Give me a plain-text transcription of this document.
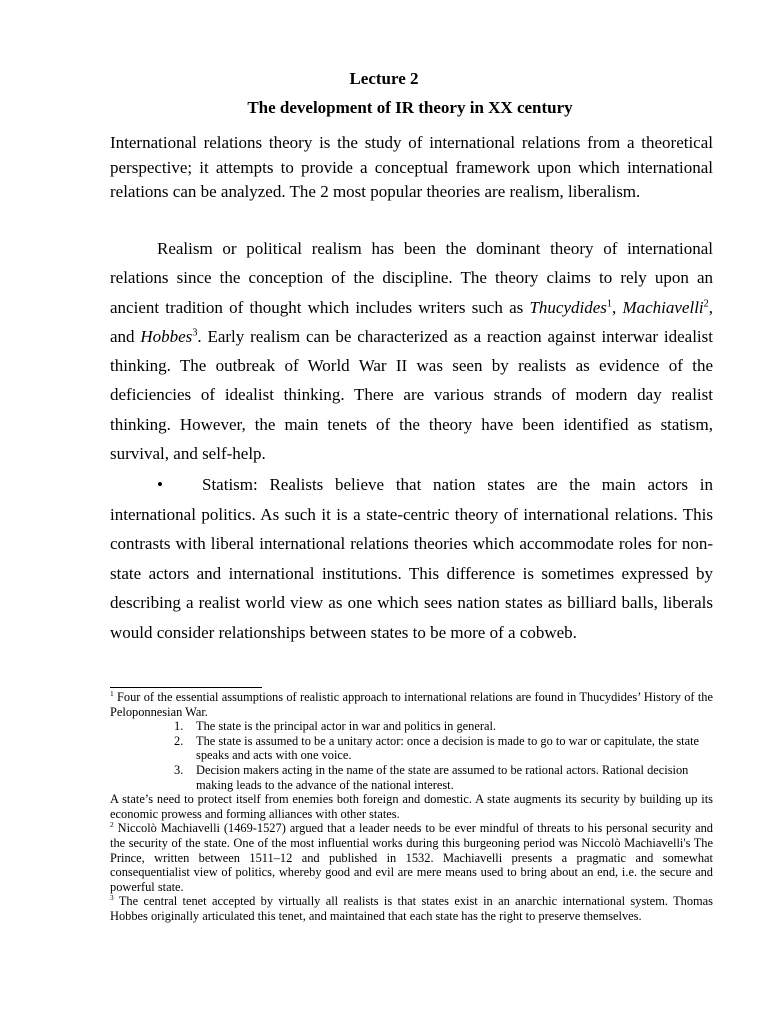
Lecture 2
The development of IR theory in XX century

International relations theory is the study of international relations from a theoretical perspective; it attempts to provide a conceptual framework upon which international relations can be analyzed. The 2 most popular theories are realism, liberalism.

Realism or political realism has been the dominant theory of international relations since the conception of the discipline. The theory claims to rely upon an ancient tradition of thought which includes writers such as Thucydides$^1$, Machiavelli$^2$, and Hobbes$^3$. Early realism can be characterized as a reaction against interwar idealist thinking. The outbreak of World War II was seen by realists as evidence of the deficiencies of idealist thinking. There are various strands of modern day realist thinking. However, the main tenets of the theory have been identified as statism, survival, and self-help.

• Statism: Realists believe that nation states are the main actors in international politics. As such it is a state-centric theory of international relations. This contrasts with liberal international relations theories which accommodate roles for non-state actors and international institutions. This difference is sometimes expressed by describing a realist world view as one which sees nation states as billiard balls, liberals would consider relationships between states to be more of a cobweb.

$^1$ Four of the essential assumptions of realistic approach to international relations are found in Thucydides’ History of the Peloponnesian War.

1. The state is the principal actor in war and politics in general.
2. The state is assumed to be a unitary actor: once a decision is made to go to war or capitulate, the state speaks and acts with one voice.
3. Decision makers acting in the name of the state are assumed to be rational actors. Rational decision making leads to the advance of the national interest.

A state’s need to protect itself from enemies both foreign and domestic. A state augments its security by building up its economic prowess and forming alliances with other states.

$^2$ Niccolò Machiavelli (1469-1527) argued that a leader needs to be ever mindful of threats to his personal security and the security of the state. One of the most influential works during this burgeoning period was Niccolò Machiavelli's The Prince, written between 1511–12 and published in 1532. Machiavelli presents a pragmatic and somewhat consequentialist view of politics, whereby good and evil are mere means used to bring about an end, i.e. the secure and powerful state.

$^3$ The central tenet accepted by virtually all realists is that states exist in an anarchic international system. Thomas Hobbes originally articulated this tenet, and maintained that each state has the right to preserve themselves.
